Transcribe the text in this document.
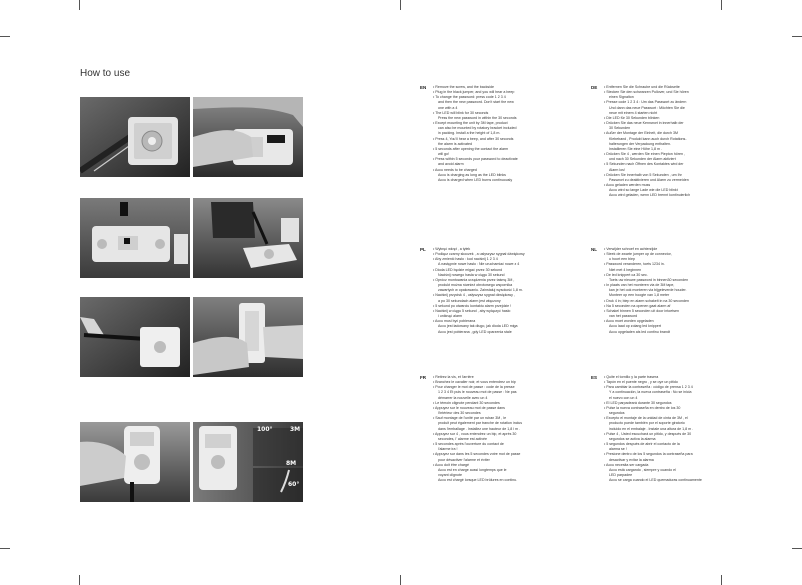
How to use
100°	3M
8M
60°
EN • Remove the screw, and the backside
• Plug in the black jumper, and you will hear a beep
• To change the password: press code 1 2 3 4
and then the new password. Don't start the new
one with a 4
• The LED will blink for 30 seconds
Press the new password in within the 30 seconds
• Except mounting the unit by 3M tape, product
can also be mounted by rotatory bracket included
in packing. Install a the height of 1,8 m.
• Press 4, You'll hear a beep, and after 30 seconds
the alarm is activated
• 5 seconds after opening the contact the alarm
will go!
• Press within 5 seconds your password to deactivate
and avoid alarm
• Accu needs to be charged
Accu is charging as long as the LED blinks
Accu is charged when LED burns continuously
DE • Entfernen Sie die Schraube und die Rückseite
• Stecken Sie den schwarzen Pullover, und Sie hören
einen Signalton
• Presse code 1 2 3 4 : Um das Passwort zu ändern
Und dann das neue Passwort : Möchten Sie die
neue mit einem 4 starten nicht
• Die LED für 30 Sekunden blinken
• Drücken Sie das neue Kennwort in innerhalb der
30 Sekunden
• Außer der Montage der Einheit, die durch 3M
Klebeband , Produkt kann auch durch Rotations-
halterungen der Verpackung enthalten.
Installieren Sie eine Höhe 1,8 m .
• Drücken Sie 4 , werden Sie einen Piepton hören ,
und nach 30 Sekunden der Alarm aktiviert
• 5 Sekunden nach Öffnen des Kontaktes wird der
Alarm los!
• Drücken Sie innerhalb von 5 Sekunden , um Ihr
Passwort zu deaktivieren und Alarm zu vermeiden
• Accu geladen werden muss
Accu wird so lange Lade wie die LED blinkt
Accu wird geladen, wenn LED brennt kontinuierlich
PL • Wykręć wkręt , a tyłek
• Podłącz czarny skoczek , a usłyszysz sygnał dźwiękowy
• Aby zmienić hasło : kod naciśnij 1 2 3 4
A następnie nowe hasło : Nie uruchamiać nowe z 4
• Dioda LED będzie migać przez 30 sekund
Naciśnij nowego hasła w ciągu 30 sekund
• Oprócz montowania urządzenia przez taśmę 3M ,
produkt można również obrotowego wspornika
zawartych w opakowaniu. Zainstaluj wysokość 1,8 m.
• Naciśnij przycisk 4 , usłyszysz sygnał dźwiękowy ,
a po 30 sekundach alarm jest włączony
• 5 sekund po otwarciu kontaktu alarm przejdzie !
• Naciśnij w ciągu 5 sekund , aby wyłączyć hasło
i uniknąć alarm
• Accu musi być pobierana
Accu jest ładowany tak długo, jak dioda LED miga
Accu jest pobierana , gdy LED oparzenia stale
NL • Verwijder schroef en achterzijde
• Steek de zwarte jumper op de connector,
u hoort een biep
• Password veranderen, toets 1234 in.
Niet met 4 beginnen
• De led knippert ca 30 sec.
Toets uw nieuwe password in binnen30 seconden
• In plaats van het monteren via de 3M tape,
kan je het ook monteren via bijgeleverde houder.
Monteer op een hoogte van 1,8 meter
• Druk 4 in; biep en alarm schakelt in na 30 seconden
• Na 5 seconden na openen gaat alarm af
• Schakel binnen 5 seconden uit door intoetsen
van het password
• Accu moet worden opgeladen
Accu laad op zolang led knippert
Accu opgeladen als led continu brandt
FR • Retirez la vis, et l'arrière
• Branchez le cavalier noir, et vous entendrez un bip
• Pour changer le mot de passe : code de la presse
1 2 3 4 Et puis le nouveau mot de passe : Ne pas
démarrer la nouvelle avec un 4
• Le témoin clignote pendant 30 secondes
• Appuyez sur le nouveau mot de passe dans
l'intérieur des 30 secondes
• Sauf montage de l'unité par un ruban 3M , le
produit peut également par tranche de rotation inclus
dans l'emballage . Installez une hauteur de 1,8 l m .
• Appuyez sur 4 , vous entendrez un bip, et après 30
secondes, l' alarme est activée
• 5 secondes après l'ouverture du contact de
l'alarme ira !
• Appuyez sur dans les 5 secondes votre mot de passe
pour désactiver l'alarme et éviter
• Accu doit être chargé
Accu est en charge aussi longtemps que le
voyant clignote
Accu est chargé lorsque LED brûlures en continu.
ES • Quite el tornillo y la parte trasera
• Tapón en el puente negro , y se oye un pitido
• Para cambiar la contraseña : código de prensa 1 2 3 4
Y a continuación, la nueva contraseña : No se inicia
el nuevo con un 4
• El LED parpadeará durante 30 segundos
• Pulse la nueva contraseña en dentro de los 30
segundos
• Excepto el montaje de la unidad de cinta de 3M , el
producto puede también por el soporte giratorio
incluido en el embalaje . Instale una altura de 1,8 m .
• Pulse 4 , Usted escuchará un pitido, y después de 30
segundos se activa la alarma
• 5 segundos después de abrir el contacto de la
alarma se !
• Presione dentro de los 5 segundos la contraseña para
desactivar y evitar la alarma
• Accu necesita ser cargada
Accu está cargando , siempre y cuando el
LED parpadee
Accu se carga cuando el LED quemaduras continuamente
